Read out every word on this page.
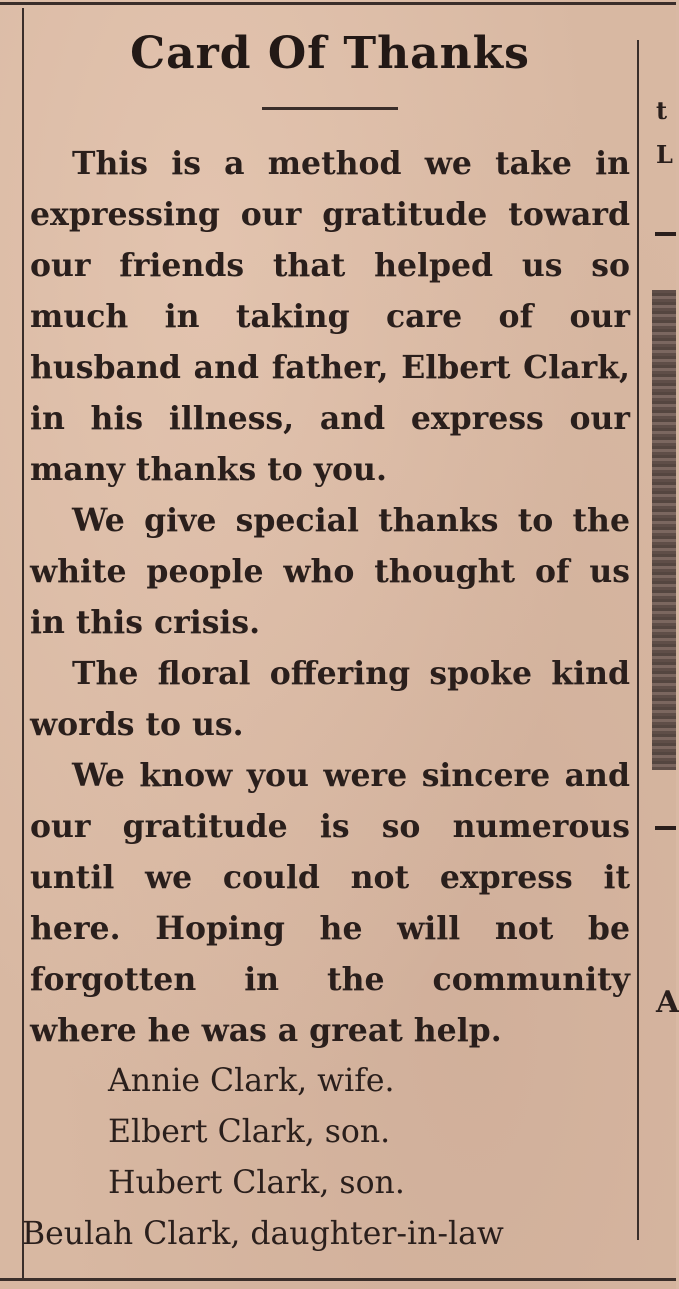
t
L
A
Card Of Thanks

This is a method we take in expressing our gratitude toward our friends that helped us so much in taking care of our husband and father, Elbert Clark, in his illness, and express our many thanks to you.

We give special thanks to the white people who thought of us in this crisis.

The floral offering spoke kind words to us.

We know you were sincere and our gratitude is so numerous until we could not express it here. Hoping he will not be forgotten in the community where he was a great help.

Annie Clark, wife.

Elbert Clark, son.

Hubert Clark, son.

Beulah Clark, daughter-in-law
